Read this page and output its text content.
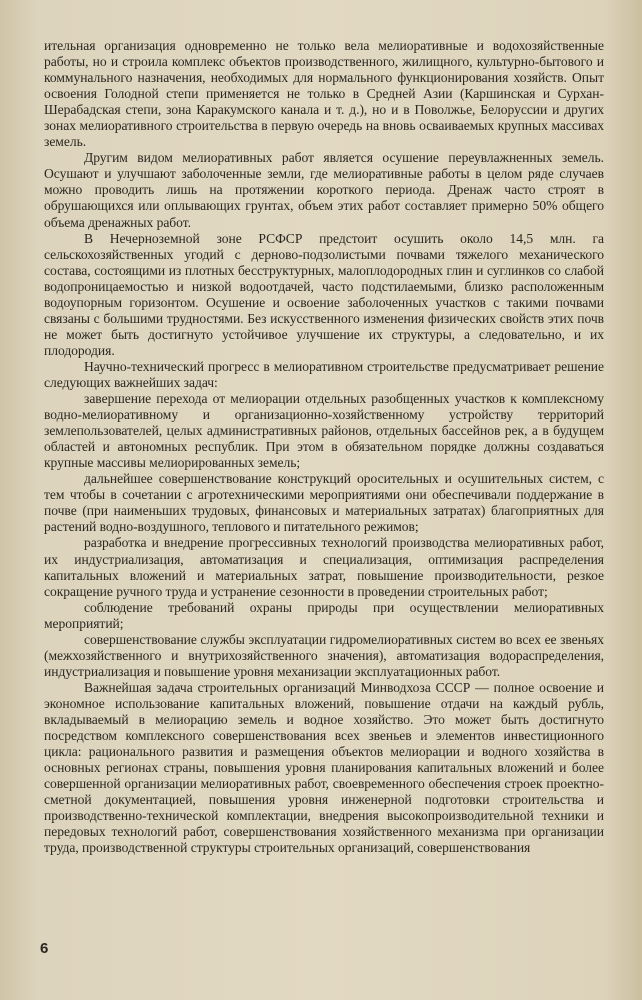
ительная организация одновременно не только вела мелиоративные и водохозяйственные работы, но и строила комплекс объектов производственного, жилищного, культурно-бытового и коммунального назначения, необходимых для нормального функционирования хозяйств. Опыт освоения Голодной степи применяется не только в Средней Азии (Каршинская и Сурхан-Шерабадская степи, зона Каракумского канала и т. д.), но и в Поволжье, Белоруссии и других зонах мелиоративного строительства в первую очередь на вновь осваиваемых крупных массивах земель.

Другим видом мелиоративных работ является осушение переувлажненных земель. Осушают и улучшают заболоченные земли, где мелиоративные работы в целом ряде случаев можно проводить лишь на протяжении короткого периода. Дренаж часто строят в обрушающихся или оплывающих грунтах, объем этих работ составляет примерно 50% общего объема дренажных работ.

В Нечерноземной зоне РСФСР предстоит осушить около 14,5 млн. га сельскохозяйственных угодий с дерново-подзолистыми почвами тяжелого механического состава, состоящими из плотных бесструктурных, малоплодородных глин и суглинков со слабой водопроницаемостью и низкой водоотдачей, часто подстилаемыми, близко расположенным водоупорным горизонтом. Осушение и освоение заболоченных участков с такими почвами связаны с большими трудностями. Без искусственного изменения физических свойств этих почв не может быть достигнуто устойчивое улучшение их структуры, а следовательно, и их плодородия.

Научно-технический прогресс в мелиоративном строительстве предусматривает решение следующих важнейших задач:

завершение перехода от мелиорации отдельных разобщенных участков к комплексному водно-мелиоративному и организационно-хозяйственному устройству территорий землепользователей, целых административных районов, отдельных бассейнов рек, а в будущем областей и автономных республик. При этом в обязательном порядке должны создаваться крупные массивы мелиорированных земель;

дальнейшее совершенствование конструкций оросительных и осушительных систем, с тем чтобы в сочетании с агротехническими мероприятиями они обеспечивали поддержание в почве (при наименьших трудовых, финансовых и материальных затратах) благоприятных для растений водно-воздушного, теплового и питательного режимов;

разработка и внедрение прогрессивных технологий производства мелиоративных работ, их индустриализация, автоматизация и специализация, оптимизация распределения капитальных вложений и материальных затрат, повышение производительности, резкое сокращение ручного труда и устранение сезонности в проведении строительных работ;

соблюдение требований охраны природы при осуществлении мелиоративных мероприятий;

совершенствование службы эксплуатации гидромелиоративных систем во всех ее звеньях (межхозяйственного и внутрихозяйственного значения), автоматизация водораспределения, индустриализация и повышение уровня механизации эксплуатационных работ.

Важнейшая задача строительных организаций Минводхоза СССР — полное освоение и экономное использование капитальных вложений, повышение отдачи на каждый рубль, вкладываемый в мелиорацию земель и водное хозяйство. Это может быть достигнуто посредством комплексного совершенствования всех звеньев и элементов инвестиционного цикла: рационального развития и размещения объектов мелиорации и водного хозяйства в основных регионах страны, повышения уровня планирования капитальных вложений и более совершенной организации мелиоративных работ, своевременного обеспечения строек проектно-сметной документацией, повышения уровня инженерной подготовки строительства и производственно-технической комплектации, внедрения высокопроизводительной техники и передовых технологий работ, совершенствования хозяйственного механизма при организации труда, производственной структуры строительных организаций, совершенствования

6
